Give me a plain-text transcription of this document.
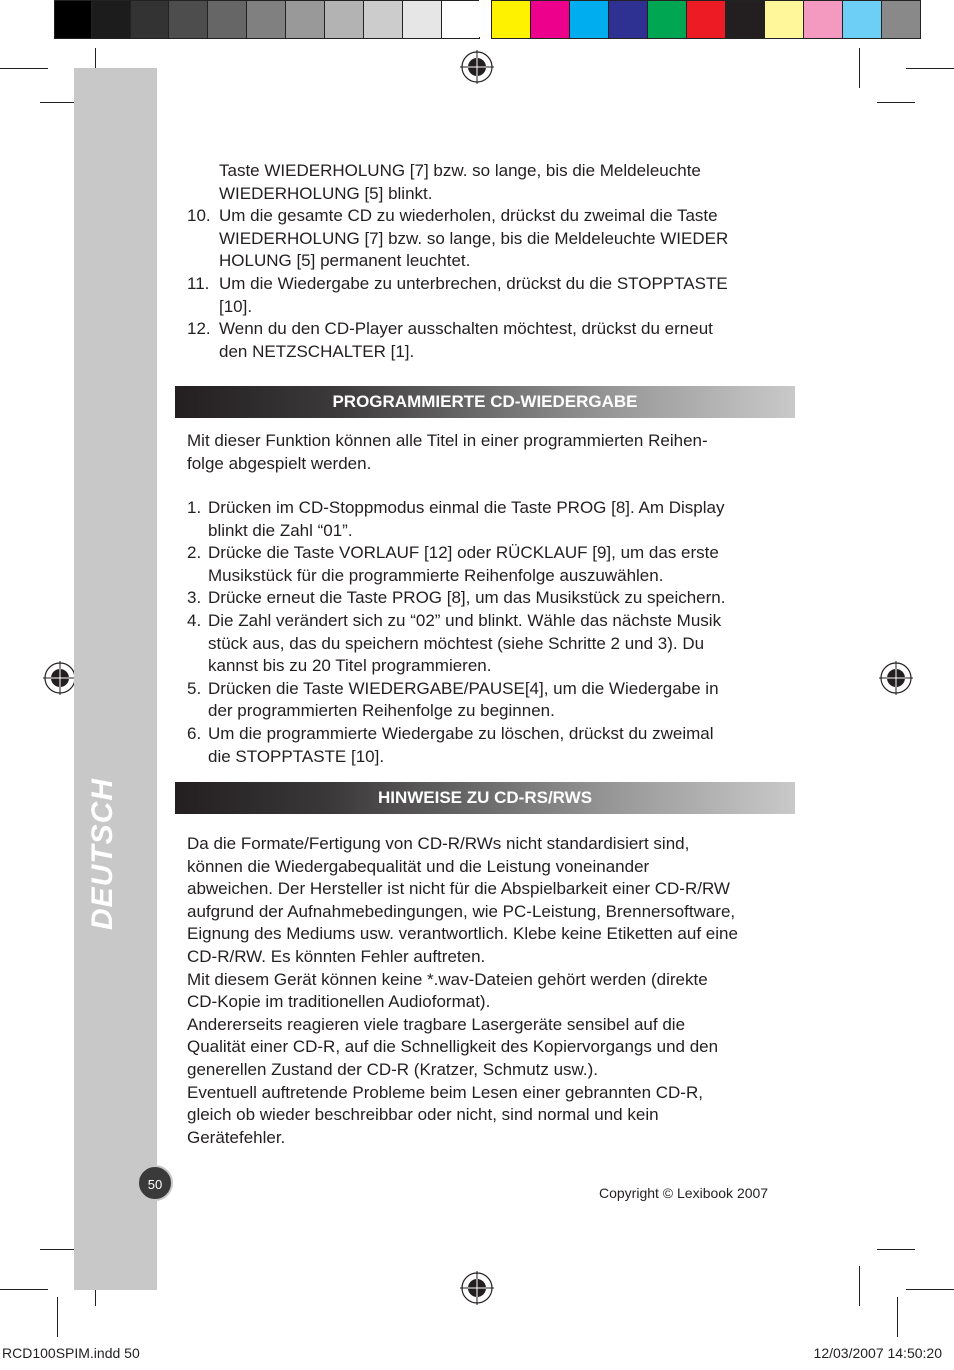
DEUTSCH
Taste WIEDERHOLUNG [7] bzw. so lange, bis die Meldeleuchte
WIEDERHOLUNG [5] blinkt.
10. Um die gesamte CD zu wiederholen, drückst du zweimal die Taste
WIEDERHOLUNG [7] bzw. so lange, bis die Meldeleuchte WIEDER
HOLUNG [5] permanent leuchtet.
11. Um die Wiedergabe zu unterbrechen, drückst du die STOPPTASTE
[10].
12. Wenn du den CD-Player ausschalten möchtest, drückst du erneut
den NETZSCHALTER [1].
PROGRAMMIERTE CD-WIEDERGABE
Mit dieser Funktion können alle Titel in einer programmierten Reihen-
folge abgespielt werden.
1. Drücken im CD-Stoppmodus einmal die Taste PROG [8]. Am Display
blinkt die Zahl “01”.
2. Drücke die Taste VORLAUF [12] oder RÜCKLAUF [9], um das erste
Musikstück für die programmierte Reihenfolge auszuwählen.
3. Drücke erneut die Taste PROG [8], um das Musikstück zu speichern.
4. Die Zahl verändert sich zu “02” und blinkt. Wähle das nächste Musik
stück aus, das du speichern möchtest (siehe Schritte 2 und 3). Du
kannst bis zu 20 Titel programmieren.
5. Drücken die Taste WIEDERGABE/PAUSE[4], um die Wiedergabe in
der programmierten Reihenfolge zu beginnen.
6. Um die programmierte Wiedergabe zu löschen, drückst du zweimal
die STOPPTASTE [10].
HINWEISE ZU CD-RS/RWS
Da die Formate/Fertigung von CD-R/RWs nicht standardisiert sind,
können die Wiedergabequalität und die Leistung voneinander
abweichen. Der Hersteller ist nicht für die Abspielbarkeit einer CD-R/RW
aufgrund der Aufnahmebedingungen, wie PC-Leistung, Brennersoftware,
Eignung des Mediums usw. verantwortlich. Klebe keine Etiketten auf eine
CD-R/RW. Es könnten Fehler auftreten.
Mit diesem Gerät können keine *.wav-Dateien gehört werden (direkte
CD-Kopie im traditionellen Audioformat).
Andererseits reagieren viele tragbare Lasergeräte sensibel auf die
Qualität einer CD-R, auf die Schnelligkeit des Kopiervorgangs und den
generellen Zustand der CD-R (Kratzer, Schmutz usw.).
Eventuell auftretende Probleme beim Lesen einer gebrannten CD-R,
gleich ob wieder beschreibbar oder nicht, sind normal und kein
Gerätefehler.
50
Copyright © Lexibook 2007
RCD100SPIM.indd 50	12/03/2007 14:50:20
